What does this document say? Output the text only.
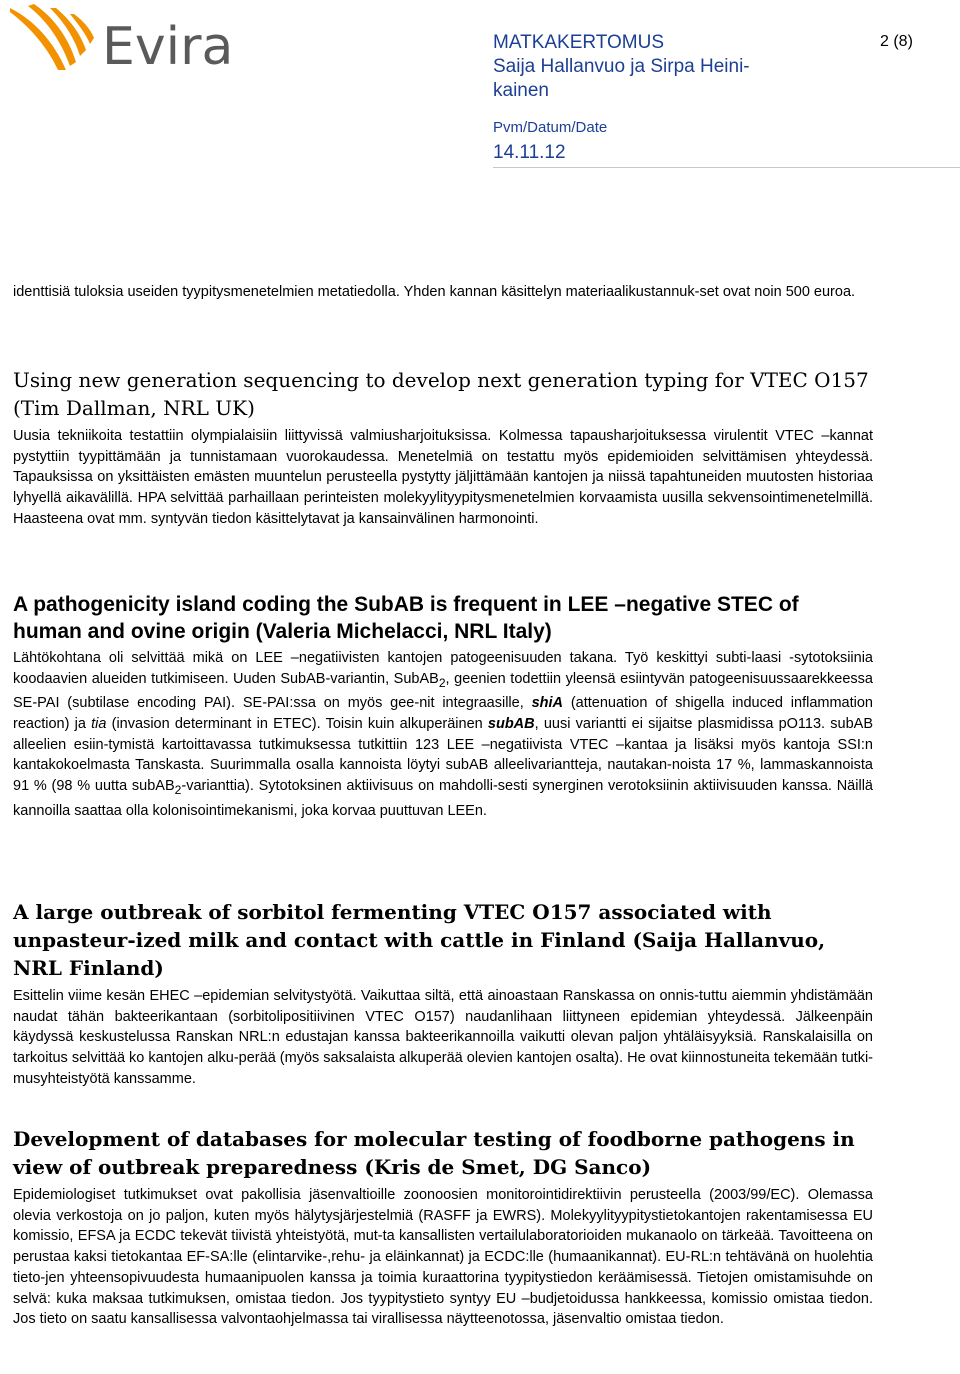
Evira	MATKAKERTOMUS
Saija Hallanvuo ja Sirpa Heini-kainen
2 (8)
Pvm/Datum/Date
14.11.12

identtisiä tuloksia useiden tyypitysmenetelmien metatiedolla. Yhden kannan käsittelyn materiaalikustannuk-set ovat noin 500 euroa.

Using new generation sequencing to develop next generation typing for VTEC O157 (Tim Dallman, NRL UK)

Uusia tekniikoita testattiin olympialaisiin liittyvissä valmiusharjoituksissa. Kolmessa tapausharjoituksessa virulentit VTEC –kannat pystyttiin tyypittämään ja tunnistamaan vuorokaudessa. Menetelmiä on testattu myös epidemioiden selvittämisen yhteydessä. Tapauksissa on yksittäisten emästen muuntelun perusteella pystytty jäljittämään kantojen ja niissä tapahtuneiden muutosten historiaa lyhyellä aikavälillä. HPA selvittää parhaillaan perinteisten molekyylityypitysmenetelmien korvaamista uusilla sekvensointimenetelmillä. Haasteena ovat mm. syntyvän tiedon käsittelytavat ja kansainvälinen harmonointi.

A pathogenicity island coding the SubAB is frequent in LEE –negative STEC of human and ovine origin (Valeria Michelacci, NRL Italy)

Lähtökohtana oli selvittää mikä on LEE –negatiivisten kantojen patogeenisuuden takana. Työ keskittyi subti-laasi -sytotoksiinia koodaavien alueiden tutkimiseen. Uuden SubAB-variantin, SubAB$_2$, geenien todettiin yleensä esiintyvän patogeenisuussaarekkeessa SE-PAI (subtilase encoding PAI). SE-PAI:ssa on myös gee-nit integraasille, shiA (attenuation of shigella induced inflammation reaction) ja tia (invasion determinant in ETEC). Toisin kuin alkuperäinen subAB, uusi variantti ei sijaitse plasmidissa pO113. subAB alleelien esiin-tymistä kartoittavassa tutkimuksessa tutkittiin 123 LEE –negatiivista VTEC –kantaa ja lisäksi myös kantoja SSI:n kantakokoelmasta Tanskasta. Suurimmalla osalla kannoista löytyi subAB alleelivariantteja, nautakan-noista 17 %, lammaskannoista 91 % (98 % uutta subAB$_2$-varianttia). Sytotoksinen aktiivisuus on mahdolli-sesti synerginen verotoksiinin aktiivisuuden kanssa. Näillä kannoilla saattaa olla kolonisointimekanismi, joka korvaa puuttuvan LEEn.

A large outbreak of sorbitol fermenting VTEC O157 associated with unpasteur-ized milk and contact with cattle in Finland (Saija Hallanvuo, NRL Finland)

Esittelin viime kesän EHEC –epidemian selvitystyötä. Vaikuttaa siltä, että ainoastaan Ranskassa on onnis-tuttu aiemmin yhdistämään naudat tähän bakteerikantaan (sorbitolipositiivinen VTEC O157) naudanlihaan liittyneen epidemian yhteydessä. Jälkeenpäin käydyssä keskustelussa Ranskan NRL:n edustajan kanssa bakteerikannoilla vaikutti olevan paljon yhtäläisyyksiä. Ranskalaisilla on tarkoitus selvittää ko kantojen alku-perää (myös saksalaista alkuperää olevien kantojen osalta). He ovat kiinnostuneita tekemään tutki-musyhteistyötä kanssamme.

Development of databases for molecular testing of foodborne pathogens in view of outbreak preparedness (Kris de Smet, DG Sanco)

Epidemiologiset tutkimukset ovat pakollisia jäsenvaltioille zoonoosien monitorointidirektiivin perusteella (2003/99/EC). Olemassa olevia verkostoja on jo paljon, kuten myös hälytysjärjestelmiä (RASFF ja EWRS). Molekyylityypitystietokantojen rakentamisessa EU komissio, EFSA ja ECDC tekevät tiivistä yhteistyötä, mut-ta kansallisten vertailulaboratorioiden mukanaolo on tärkeää. Tavoitteena on perustaa kaksi tietokantaa EF-SA:lle (elintarvike-,rehu- ja eläinkannat) ja ECDC:lle (humaanikannat). EU-RL:n tehtävänä on huolehtia tieto-jen yhteensopivuudesta humaanipuolen kanssa ja toimia kuraattorina tyypitystiedon keräämisessä. Tietojen omistamisuhde on selvä: kuka maksaa tutkimuksen, omistaa tiedon. Jos tyypitystieto syntyy EU –budjetoidussa hankkeessa, komissio omistaa tiedon. Jos tieto on saatu kansallisessa valvontaohjelmassa tai virallisessa näytteenotossa, jäsenvaltio omistaa tiedon.
